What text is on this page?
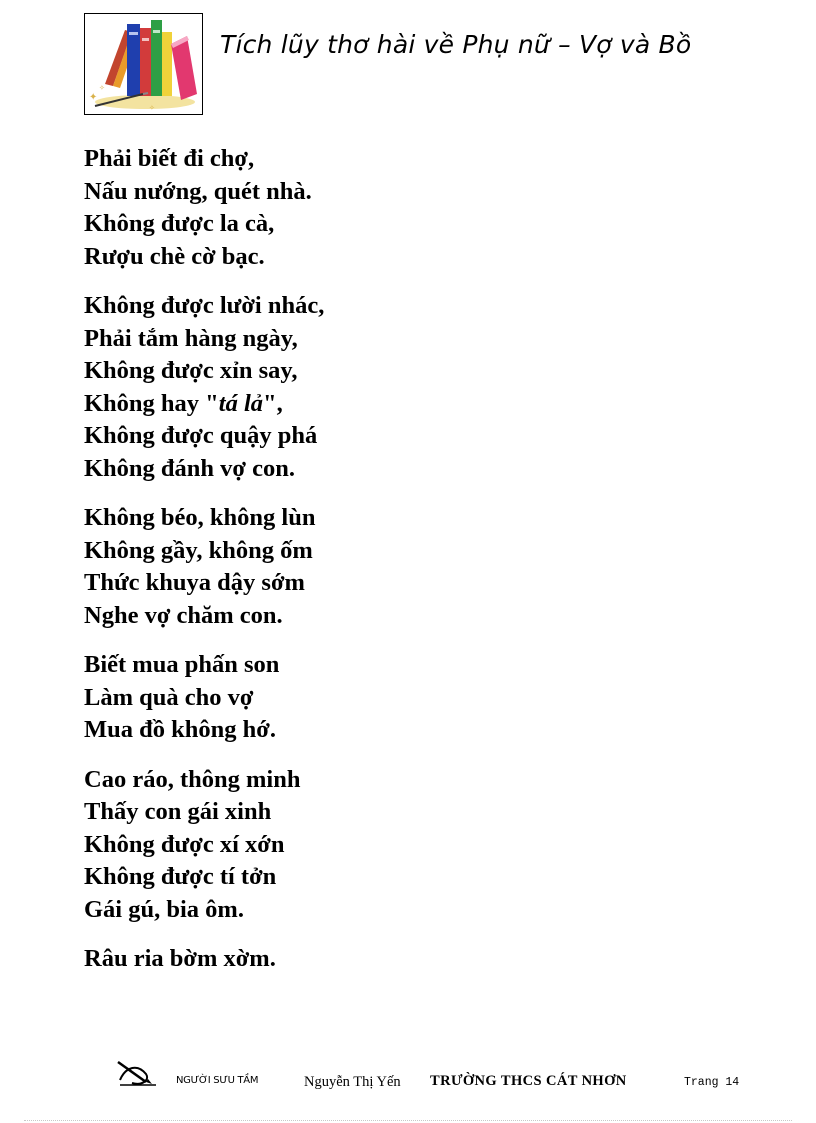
✦
✧
✧
Tích lũy thơ hài về Phụ nữ – Vợ và Bồ
Phải biết đi chợ,
Nấu nướng, quét nhà.
Không được la cà,
Rượu chè cờ bạc.
Không được lười nhác,
Phải tắm hàng ngày,
Không được xỉn say,
Không hay "tá lả",
Không được quậy phá
Không đánh vợ con.
Không béo, không lùn
Không gầy, không ốm
Thức khuya dậy sớm
Nghe vợ chăm con.
Biết mua phấn son
Làm quà cho vợ
Mua đồ không hớ.
Cao ráo, thông minh
Thấy con gái xinh
Không được xí xớn
Không được tí tởn
Gái gú, bia ôm.
Râu ria bờm xờm.
NGƯỜI SƯU TẦM	Nguyễn Thị Yến TRƯỜNG THCS CÁT NHƠN	Trang 14
